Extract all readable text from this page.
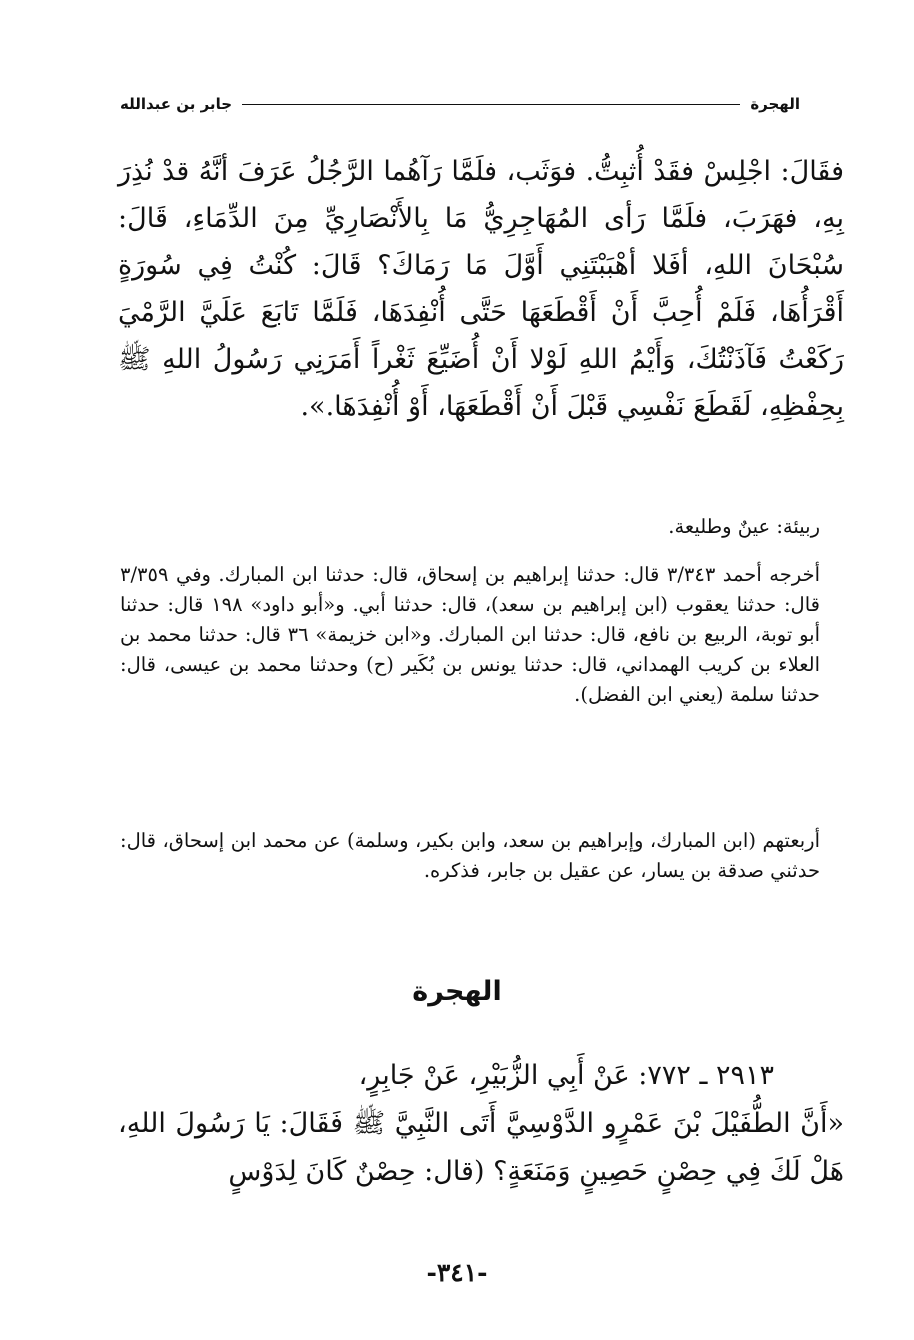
الهجرة
جابر بن عبدالله

فقَالَ: اجْلِسْ فقَدْ أُثبِتُّ. فوَثَب، فلَمَّا رَآهُما الرَّجُلُ عَرَفَ أنَّهُ قدْ نُذِرَ بِهِ، فهَرَبَ، فلَمَّا رَأى المُهَاجِرِيُّ مَا بِالأَنْصَارِيِّ مِنَ الدِّمَاءِ، قَالَ: سُبْحَانَ اللهِ، أفَلا أهْبَبْتَنِي أَوَّلَ مَا رَمَاكَ؟ قَالَ: كُنْتُ فِي سُورَةٍ أَقْرَأُهَا، فَلَمْ أُحِبَّ أَنْ أَقْطَعَهَا حَتَّى أُنْفِدَهَا، فَلَمَّا تَابَعَ عَلَيَّ الرَّمْيَ رَكَعْتُ فَآذَنْتُكَ، وَأَيْمُ اللهِ لَوْلا أَنْ أُضَيِّعَ ثَغْراً أَمَرَنِي رَسُولُ اللهِ ﷺ بِحِفْظِهِ، لَقَطَعَ نَفْسِي قَبْلَ أَنْ أَقْطَعَهَا، أَوْ أُنْفِدَهَا.».

ربيئة: عينٌ وطليعة.

أخرجه أحمد ٣/٣٤٣ قال: حدثنا إبراهيم بن إسحاق، قال: حدثنا ابن المبارك. وفي ٣/٣٥٩ قال: حدثنا يعقوب (ابن إبراهيم بن سعد)، قال: حدثنا أبي. و«أبو داود» ١٩٨ قال: حدثنا أبو توبة، الربيع بن نافع، قال: حدثنا ابن المبارك. و«ابن خزيمة» ٣٦ قال: حدثنا محمد بن العلاء بن كريب الهمداني، قال: حدثنا يونس بن بُكَير (ح) وحدثنا محمد بن عيسى، قال: حدثنا سلمة (يعني ابن الفضل).

أربعتهم (ابن المبارك، وإبراهيم بن سعد، وابن بكير، وسلمة) عن محمد ابن إسحاق، قال: حدثني صدقة بن يسار، عن عقيل بن جابر، فذكره.

الهجرة

٢٩١٣ ـ ٧٧٢: عَنْ أَبِي الزُّبَيْرِ، عَنْ جَابِرٍ،

«أَنَّ الطُّفَيْلَ بْنَ عَمْرٍو الدَّوْسِيَّ أَتَى النَّبِيَّ ﷺ فَقَالَ: يَا رَسُولَ اللهِ، هَلْ لَكَ فِي حِصْنٍ حَصِينٍ وَمَنَعَةٍ؟ (قال: حِصْنٌ كَانَ لِدَوْسٍ

-٣٤١-
